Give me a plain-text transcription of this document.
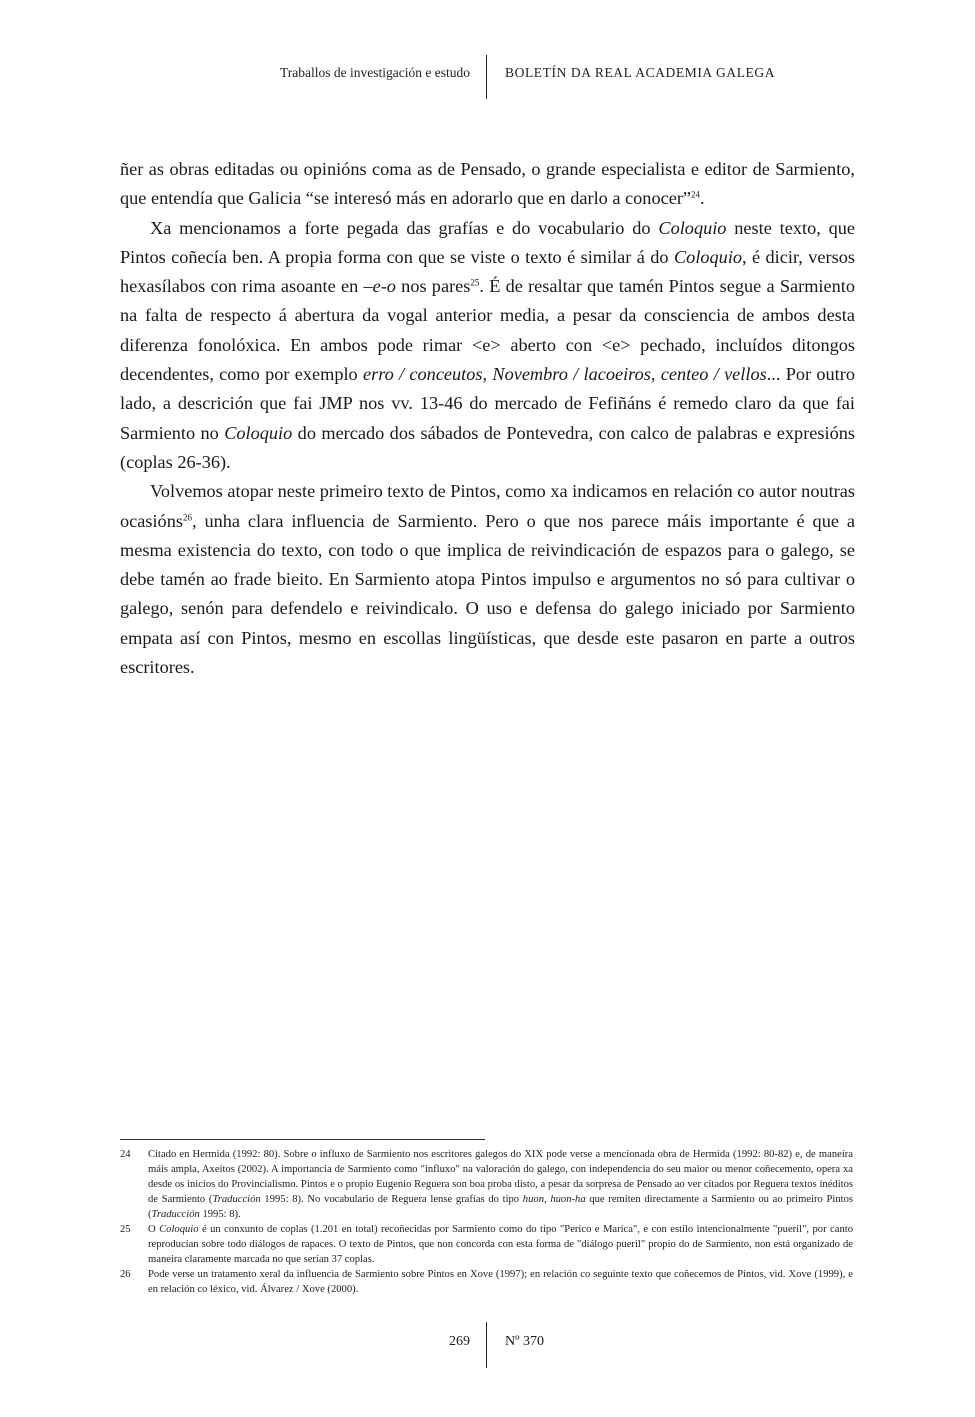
Traballos de investigación e estudo	BOLETÍN DA REAL ACADEMIA GALEGA

ñer as obras editadas ou opinións coma as de Pensado, o grande especialista e editor de Sarmiento, que entendía que Galicia “se interesó más en adorarlo que en darlo a conocer”$^{24}$.

Xa mencionamos a forte pegada das grafías e do vocabulario do Coloquio neste texto, que Pintos coñecía ben. A propia forma con que se viste o texto é similar á do Coloquio, é dicir, versos hexasílabos con rima asoante en –e-o nos pares$^{25}$. É de resaltar que tamén Pintos segue a Sarmiento na falta de respecto á abertura da vogal anterior media, a pesar da consciencia de ambos desta diferenza fonolóxica. En ambos pode rimar <e> aberto con <e> pechado, incluídos ditongos decendentes, como por exemplo erro / conceutos, Novembro / lacoeiros, centeo / vellos... Por outro lado, a descrición que fai JMP nos vv. 13-46 do mercado de Fefiñáns é remedo claro da que fai Sarmiento no Coloquio do mercado dos sábados de Pontevedra, con calco de palabras e expresións (coplas 26-36).

Volvemos atopar neste primeiro texto de Pintos, como xa indicamos en relación co autor noutras ocasións$^{26}$, unha clara influencia de Sarmiento. Pero o que nos parece máis importante é que a mesma existencia do texto, con todo o que implica de reivindicación de espazos para o galego, se debe tamén ao frade bieito. En Sarmiento atopa Pintos impulso e argumentos no só para cultivar o galego, senón para defendelo e reivindicalo. O uso e defensa do galego iniciado por Sarmiento empata así con Pintos, mesmo en escollas lingüísticas, que desde este pasaron en parte a outros escritores.

24	Citado en Hermida (1992: 80). Sobre o influxo de Sarmiento nos escritores galegos do XIX pode verse a mencionada obra de Hermida (1992: 80-82) e, de maneira máis ampla, Axeitos (2002). A importancia de Sarmiento como "influxo" na valoración do galego, con independencia do seu maior ou menor coñecemento, opera xa desde os inicios do Provincialismo. Pintos e o propio Eugenio Reguera son boa proba disto, a pesar da sorpresa de Pensado ao ver citados por Reguera textos inéditos de Sarmiento (Traducción 1995: 8). No vocabulario de Reguera lense grafías do tipo huon, huon-ha que remiten directamente a Sarmiento ou ao primeiro Pintos (Traducción 1995: 8).
25	O Coloquio é un conxunto de coplas (1.201 en total) recoñecidas por Sarmiento como do tipo "Perico e Marica", e con estilo intencionalmente "pueril", por canto reproducían sobre todo diálogos de rapaces. O texto de Pintos, que non concorda con esta forma de "diálogo pueril" propio do de Sarmiento, non está organizado de maneira claramente marcada no que serían 37 coplas.
26	Pode verse un tratamento xeral da influencia de Sarmiento sobre Pintos en Xove (1997); en relación co seguinte texto que coñecemos de Pintos, vid. Xove (1999), e en relación co léxico, vid. Álvarez / Xove (2000).
269	Nº 370
